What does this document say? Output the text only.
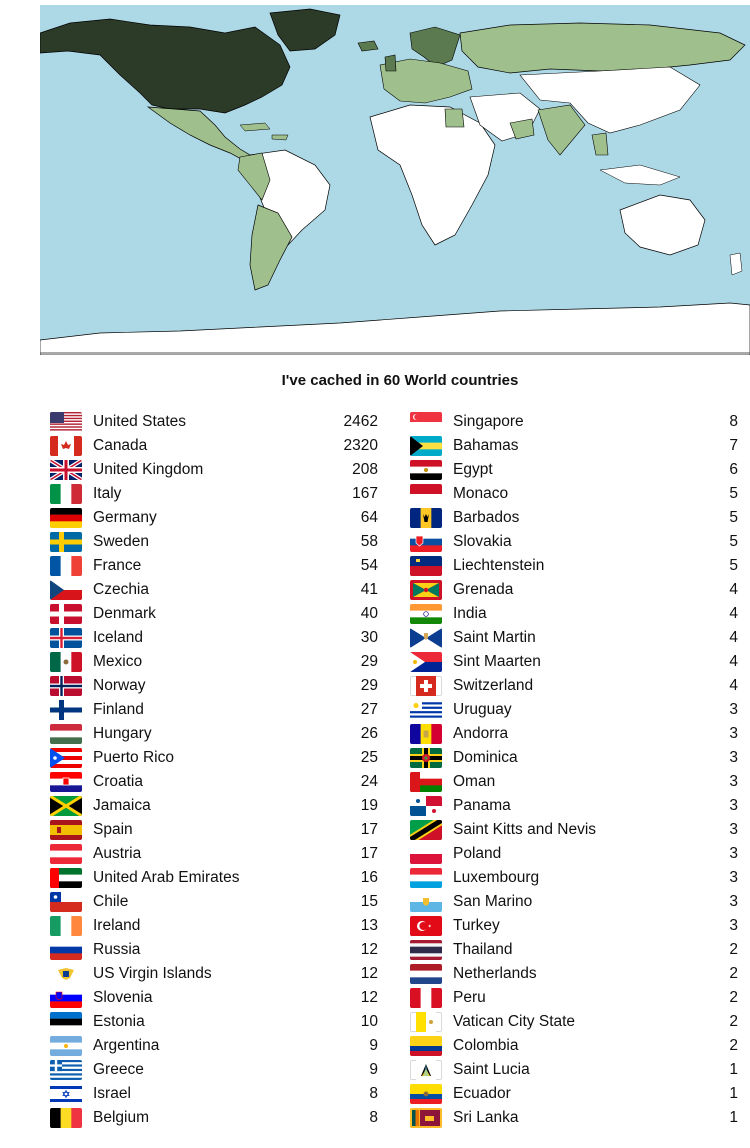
I've cached in 60 World countries
United States	2462
Canada	2320
United Kingdom	208
Italy	167
Germany	64
Sweden	58
France	54
Czechia	41
Denmark	40
Iceland	30
Mexico	29
Norway	29
Finland	27
Hungary	26
Puerto Rico	25
Croatia	24
Jamaica	19
Spain	17
Austria	17
United Arab Emirates	16
Chile	15
Ireland	13
Russia	12
US Virgin Islands	12
Slovenia	12
Estonia	10
Argentina	9
Greece	9
Israel	8
Belgium	8
Singapore	8
Bahamas	7
Egypt	6
Monaco	5
Barbados	5
Slovakia	5
Liechtenstein	5
Grenada	4
India	4
Saint Martin	4
Sint Maarten	4
Switzerland	4
Uruguay	3
Andorra	3
Dominica	3
Oman	3
Panama	3
Saint Kitts and Nevis	3
Poland	3
Luxembourg	3
San Marino	3
Turkey	3
Thailand	2
Netherlands	2
Peru	2
Vatican City State	2
Colombia	2
Saint Lucia	1
Ecuador	1
Sri Lanka	1
